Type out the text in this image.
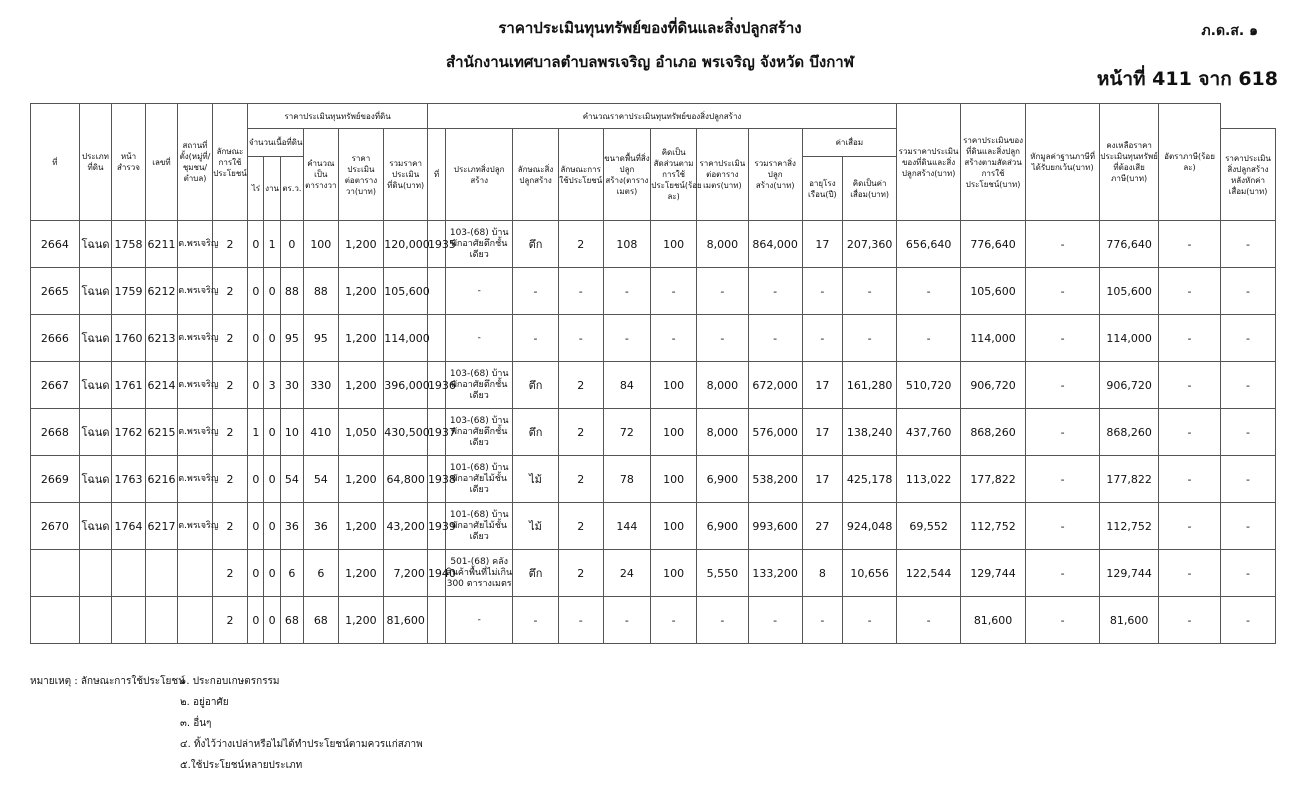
ราคาประเมินทุนทรัพย์ของที่ดินและสิ่งปลูกสร้าง
สำนักงานเทศบาลตำบลพรเจริญ อำเภอ พรเจริญ จังหวัด บึงกาฬ
ภ.ด.ส. ๑
หน้าที่ 411 จาก 618
ที่	ประเภทที่ดิน	หน้าสำรวจ	เลขที่	สถานที่ตั้ง(หมู่ที่/ชุมชน/ตำบล)	ลักษณะการใช้ประโยชน์	ราคาประเมินทุนทรัพย์ของที่ดิน						คำนวณราคาประเมินทุนทรัพย์ของสิ่งปลูกสร้าง										รวมราคาประเมินของที่ดินและสิ่งปลูกสร้าง(บาท)	ราคาประเมินของที่ดินและสิ่งปลูกสร้างตามสัดส่วนการใช้ประโยชน์(บาท)	หักมูลค่าฐานภาษีที่ได้รับยกเว้น(บาท)	คงเหลือราคาประเมินทุนทรัพย์ที่ต้องเสียภาษี(บาท)	อัตราภาษี(ร้อยละ)	
						จำนวนเนื้อที่ดิน			คำนวณเป็นตารางวา	ราคาประเมินต่อตารางวา(บาท)	รวมราคาประเมินที่ดิน(บาท)	ที่	ประเภทสิ่งปลูกสร้าง	ลักษณะสิ่งปลูกสร้าง	ลักษณะการใช้ประโยชน์	ขนาดพื้นที่สิ่งปลูกสร้าง(ตารางเมตร)	คิดเป็นสัดส่วนตามการใช้ประโยชน์(ร้อยละ)	ราคาประเมินต่อตารางเมตร(บาท)	รวมราคาสิ่งปลูกสร้าง(บาท)	ค่าเสื่อม							ราคาประเมินสิ่งปลูกสร้างหลังหักค่าเสื่อม(บาท)
						ไร่	งาน	ตร.ว.												อายุโรงเรือน(ปี)	คิดเป็นค่าเสื่อม(บาท)						
2664	โฉนด	1758	6211	ต.พรเจริญ	2	0	1	0	100	1,200	120,000	1935	103-(68) บ้านพักอาศัยตึกชั้นเดียว	ตึก	2	108	100	8,000	864,000	17	207,360	656,640	776,640	-	776,640	-	-
2665	โฉนด	1759	6212	ต.พรเจริญ	2	0	0	88	88	1,200	105,600		-	-	-	-	-	-	-	-	-	-	105,600	-	105,600	-	-
2666	โฉนด	1760	6213	ต.พรเจริญ	2	0	0	95	95	1,200	114,000		-	-	-	-	-	-	-	-	-	-	114,000	-	114,000	-	-
2667	โฉนด	1761	6214	ต.พรเจริญ	2	0	3	30	330	1,200	396,000	1936	103-(68) บ้านพักอาศัยตึกชั้นเดียว	ตึก	2	84	100	8,000	672,000	17	161,280	510,720	906,720	-	906,720	-	-
2668	โฉนด	1762	6215	ต.พรเจริญ	2	1	0	10	410	1,050	430,500	1937	103-(68) บ้านพักอาศัยตึกชั้นเดียว	ตึก	2	72	100	8,000	576,000	17	138,240	437,760	868,260	-	868,260	-	-
2669	โฉนด	1763	6216	ต.พรเจริญ	2	0	0	54	54	1,200	64,800	1938	101-(68) บ้านพักอาศัยไม้ชั้นเดียว	ไม้	2	78	100	6,900	538,200	17	425,178	113,022	177,822	-	177,822	-	-
2670	โฉนด	1764	6217	ต.พรเจริญ	2	0	0	36	36	1,200	43,200	1939	101-(68) บ้านพักอาศัยไม้ชั้นเดียว	ไม้	2	144	100	6,900	993,600	27	924,048	69,552	112,752	-	112,752	-	-
					2	0	0	6	6	1,200	7,200	1940	501-(68) คลังสินค้าพื้นที่ไม่เกิน 300 ตารางเมตร	ตึก	2	24	100	5,550	133,200	8	10,656	122,544	129,744	-	129,744	-	-
					2	0	0	68	68	1,200	81,600		-	-	-	-	-	-	-	-	-	-	81,600	-	81,600	-	-
หมายเหตุ : ลักษณะการใช้ประโยชน์
๑. ประกอบเกษตรกรรม
๒. อยู่อาศัย
๓. อื่นๆ
๔. ทิ้งไว้ว่างเปล่าหรือไม่ได้ทำประโยชน์ตามควรแก่สภาพ
๕.ใช้ประโยชน์หลายประเภท
